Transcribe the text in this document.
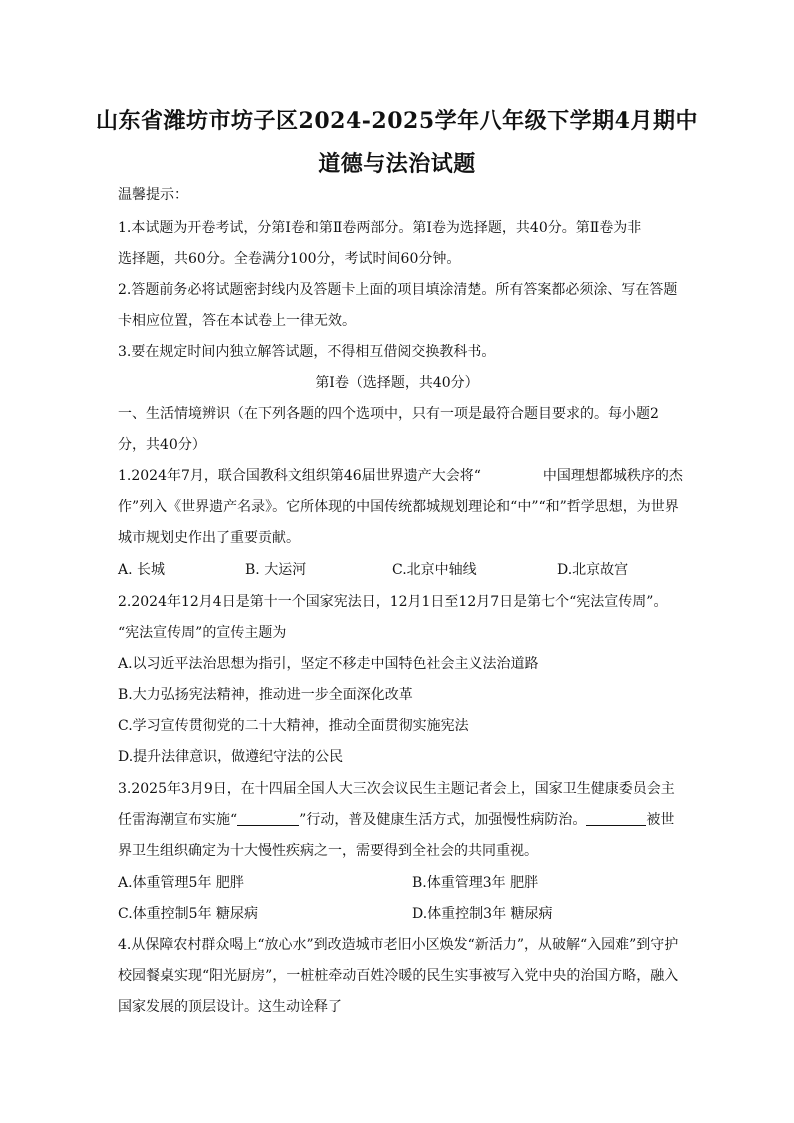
山东省潍坊市坊子区2024-2025学年八年级下学期4月期中
道德与法治试题
温馨提示：
1.本试题为开卷考试，分第Ⅰ卷和第Ⅱ卷两部分。第Ⅰ卷为选择题，共40分。第Ⅱ卷为非
选择题，共60分。全卷满分100分，考试时间60分钟。
2.答题前务必将试题密封线内及答题卡上面的项目填涂清楚。所有答案都必须涂、写在答题
卡相应位置，答在本试卷上一律无效。
3.要在规定时间内独立解答试题，不得相互借阅交换教科书。
第Ⅰ卷（选择题，共40分）
一、生活情境辨识（在下列各题的四个选项中，只有一项是最符合题目要求的。每小题2
分，共40分）
1.2024年7月，联合国教科文组织第46届世界遗产大会将“	中国理想都城秩序的杰
作”列入《世界遗产名录》。它所体现的中国传统都城规划理论和“中”“和”哲学思想，为世界
城市规划史作出了重要贡献。
A. 长城	B. 大运河	C.北京中轴线	D.北京故宫
2.2024年12月4日是第十一个国家宪法日，12月1日至12月7日是第七个“宪法宣传周”。
“宪法宣传周”的宣传主题为
A.以习近平法治思想为指引，坚定不移走中国特色社会主义法治道路
B.大力弘扬宪法精神，推动进一步全面深化改革
C.学习宣传贯彻党的二十大精神，推动全面贯彻实施宪法
D.提升法律意识，做遵纪守法的公民
3.2025年3月9日，在十四届全国人大三次会议民生主题记者会上，国家卫生健康委员会主
任雷海潮宣布实施“	”行动，普及健康生活方式，加强慢性病防治。	被世
界卫生组织确定为十大慢性疾病之一，需要得到全社会的共同重视。
A.体重管理5年 肥胖	B.体重管理3年 肥胖
C.体重控制5年 糖尿病	D.体重控制3年 糖尿病
4.从保障农村群众喝上“放心水”到改造城市老旧小区焕发“新活力”，从破解“入园难”到守护
校园餐桌实现“阳光厨房”，一桩桩牵动百姓冷暖的民生实事被写入党中央的治国方略，融入
国家发展的顶层设计。这生动诠释了
